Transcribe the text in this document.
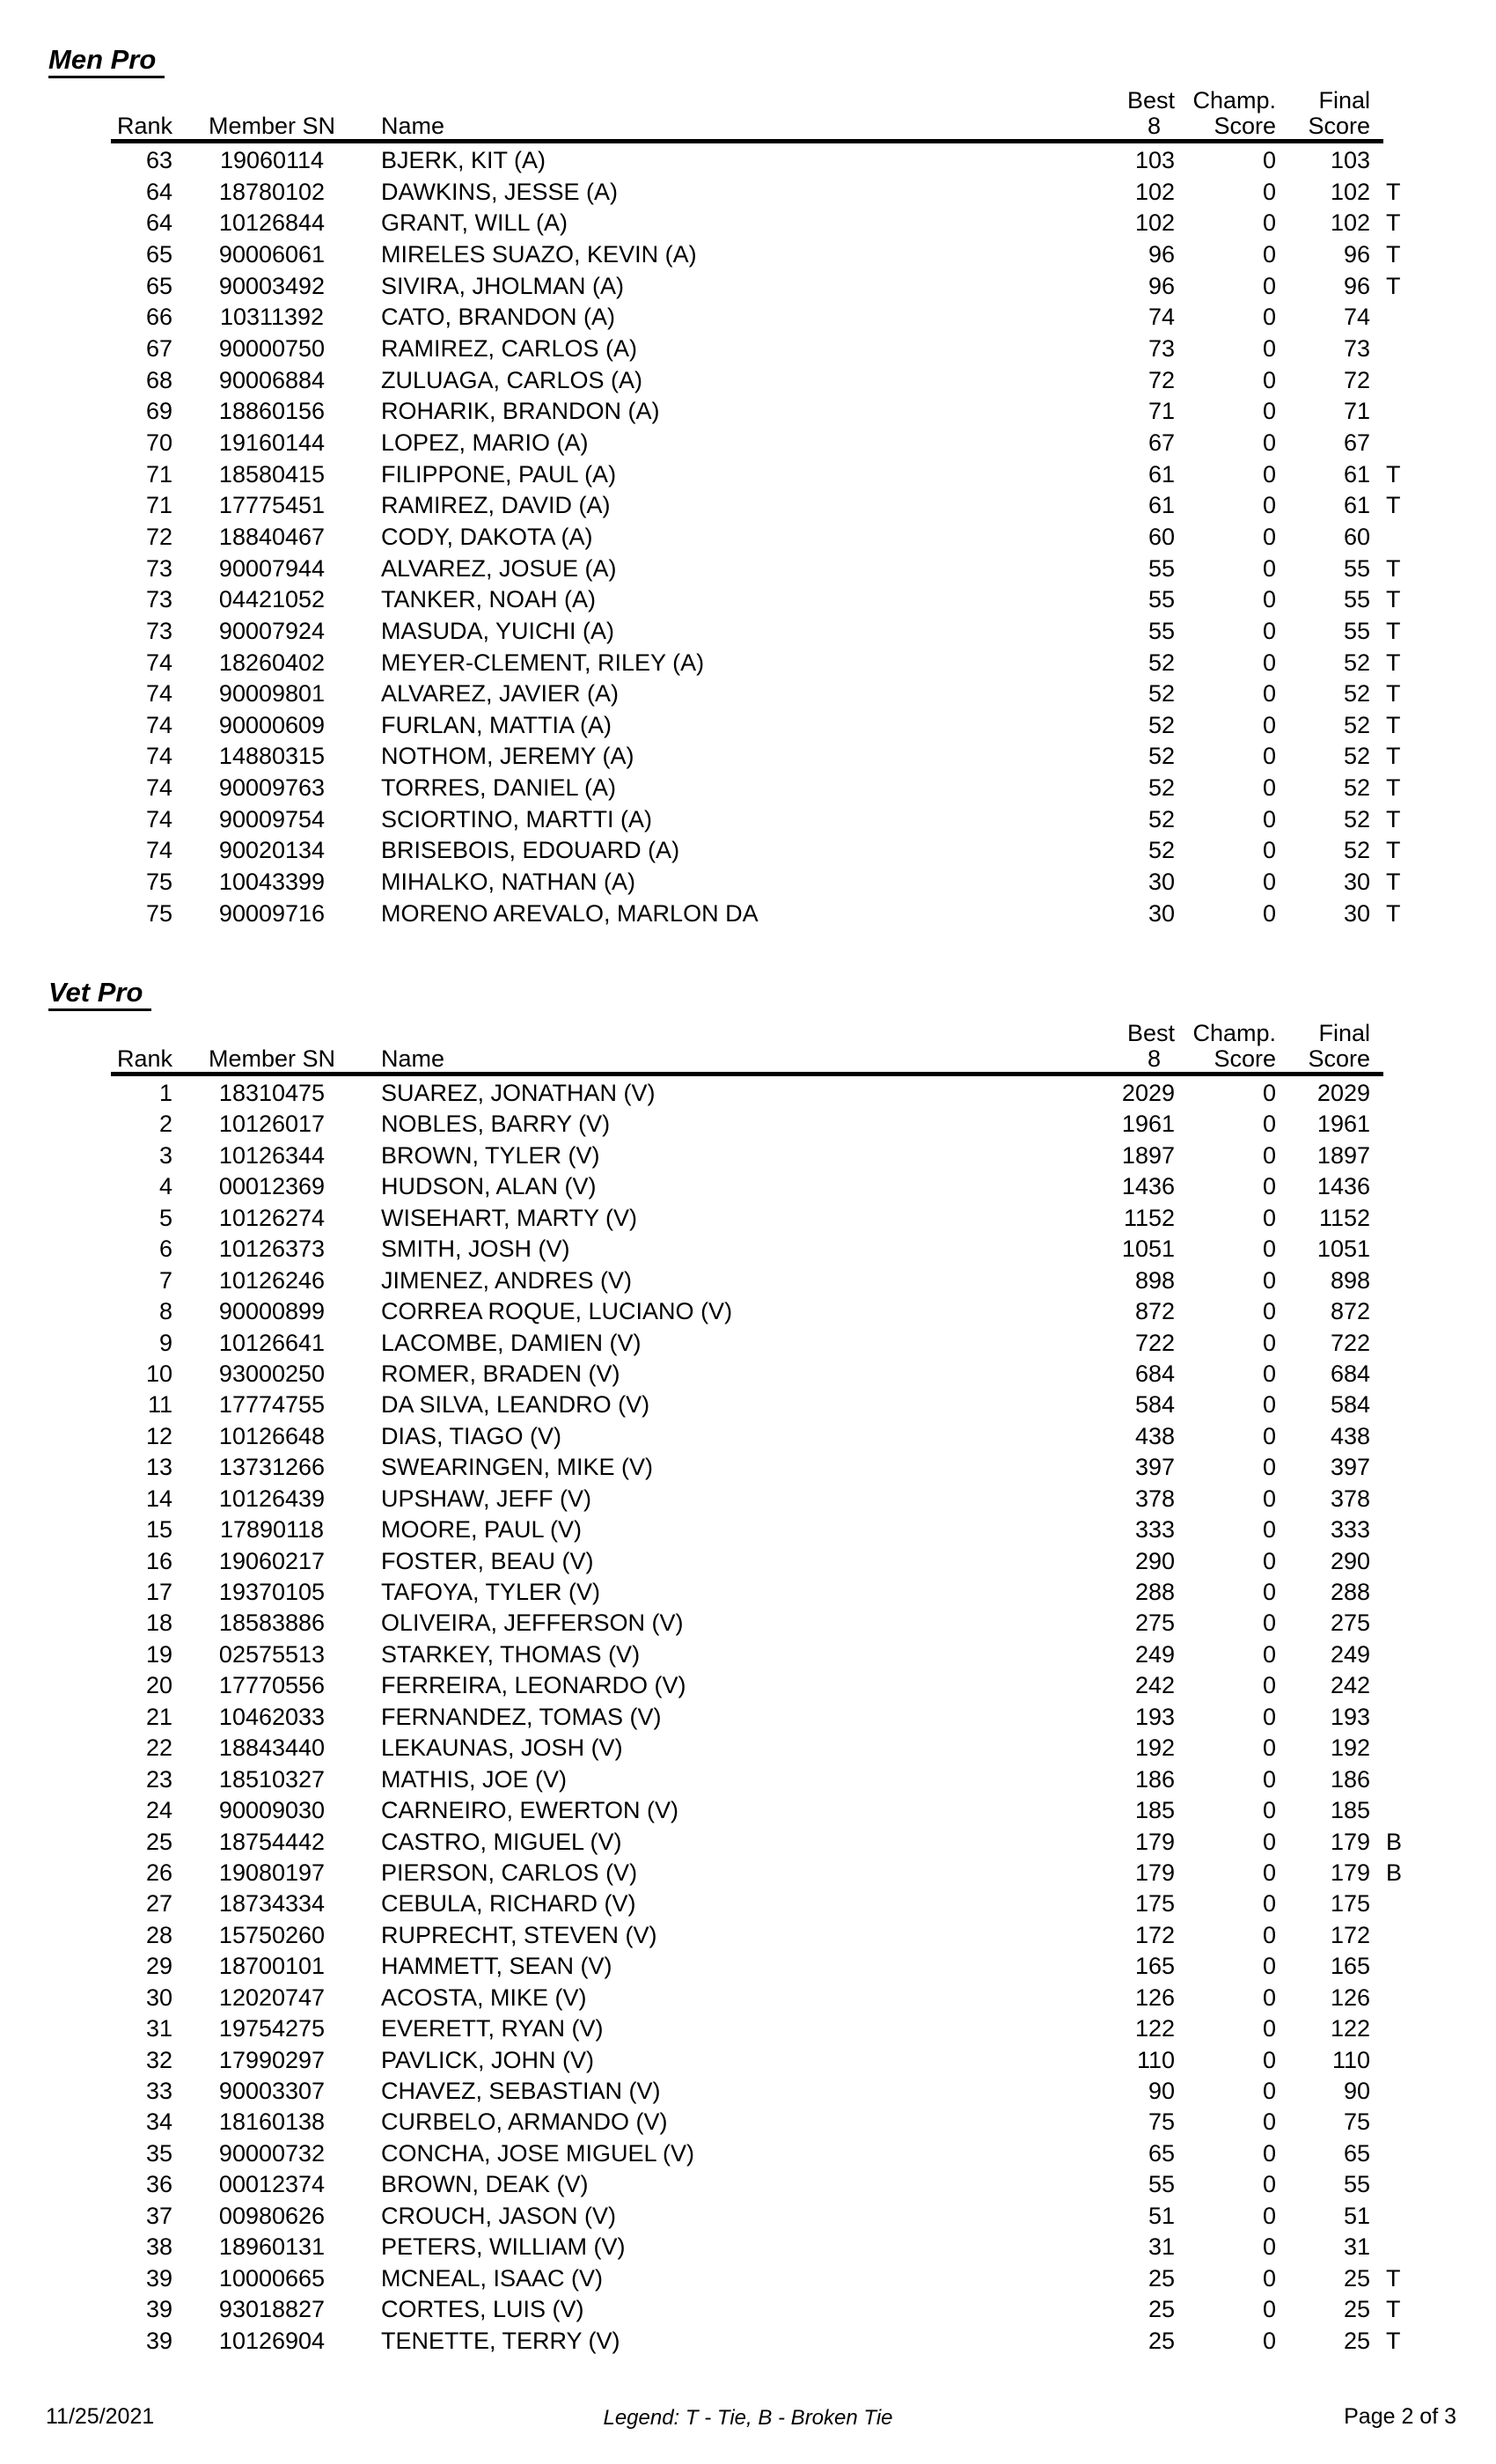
Men Pro
Best Champ.	Final
Rank Member SN Name	8	Score	Score
63	19060114	BJERK, KIT (A)	103	0	103
64	18780102	DAWKINS, JESSE (A)	102	0	102 T
64	10126844	GRANT, WILL (A)	102	0	102 T
65	90006061	MIRELES SUAZO, KEVIN (A)	96	0	96 T
65	90003492	SIVIRA, JHOLMAN (A)	96	0	96 T
66	10311392	CATO, BRANDON (A)	74	0	74
67	90000750	RAMIREZ, CARLOS (A)	73	0	73
68	90006884	ZULUAGA, CARLOS (A)	72	0	72
69	18860156	ROHARIK, BRANDON (A)	71	0	71
70	19160144	LOPEZ, MARIO (A)	67	0	67
71	18580415	FILIPPONE, PAUL (A)	61	0	61 T
71	17775451	RAMIREZ, DAVID (A)	61	0	61 T
72	18840467	CODY, DAKOTA (A)	60	0	60
73	90007944	ALVAREZ, JOSUE (A)	55	0	55 T
73	04421052	TANKER, NOAH (A)	55	0	55 T
73	90007924	MASUDA, YUICHI (A)	55	0	55 T
74	18260402	MEYER-CLEMENT, RILEY (A)	52	0	52 T
74	90009801	ALVAREZ, JAVIER (A)	52	0	52 T
74	90000609	FURLAN, MATTIA (A)	52	0	52 T
74	14880315	NOTHOM, JEREMY (A)	52	0	52 T
74	90009763	TORRES, DANIEL (A)	52	0	52 T
74	90009754	SCIORTINO, MARTTI (A)	52	0	52 T
74	90020134	BRISEBOIS, EDOUARD (A)	52	0	52 T
75	10043399	MIHALKO, NATHAN (A)	30	0	30 T
75	90009716	MORENO AREVALO, MARLON DA	30	0	30 T
Vet Pro
Best Champ.	Final
Rank Member SN Name	8	Score	Score
1	18310475	SUAREZ, JONATHAN (V)	2029	0	2029
2	10126017	NOBLES, BARRY (V)	1961	0	1961
3	10126344	BROWN, TYLER (V)	1897	0	1897
4	00012369	HUDSON, ALAN (V)	1436	0	1436
5	10126274	WISEHART, MARTY (V)	1152	0	1152
6	10126373	SMITH, JOSH (V)	1051	0	1051
7	10126246	JIMENEZ, ANDRES (V)	898	0	898
8	90000899	CORREA ROQUE, LUCIANO (V)	872	0	872
9	10126641	LACOMBE, DAMIEN (V)	722	0	722
10	93000250	ROMER, BRADEN (V)	684	0	684
11	17774755	DA SILVA, LEANDRO (V)	584	0	584
12	10126648	DIAS, TIAGO (V)	438	0	438
13	13731266	SWEARINGEN, MIKE (V)	397	0	397
14	10126439	UPSHAW, JEFF (V)	378	0	378
15	17890118	MOORE, PAUL (V)	333	0	333
16	19060217	FOSTER, BEAU (V)	290	0	290
17	19370105	TAFOYA, TYLER (V)	288	0	288
18	18583886	OLIVEIRA, JEFFERSON (V)	275	0	275
19	02575513	STARKEY, THOMAS (V)	249	0	249
20	17770556	FERREIRA, LEONARDO (V)	242	0	242
21	10462033	FERNANDEZ, TOMAS (V)	193	0	193
22	18843440	LEKAUNAS, JOSH (V)	192	0	192
23	18510327	MATHIS, JOE (V)	186	0	186
24	90009030	CARNEIRO, EWERTON (V)	185	0	185
25	18754442	CASTRO, MIGUEL (V)	179	0	179 B
26	19080197	PIERSON, CARLOS (V)	179	0	179 B
27	18734334	CEBULA, RICHARD (V)	175	0	175
28	15750260	RUPRECHT, STEVEN (V)	172	0	172
29	18700101	HAMMETT, SEAN (V)	165	0	165
30	12020747	ACOSTA, MIKE (V)	126	0	126
31	19754275	EVERETT, RYAN (V)	122	0	122
32	17990297	PAVLICK, JOHN (V)	110	0	110
33	90003307	CHAVEZ, SEBASTIAN (V)	90	0	90
34	18160138	CURBELO, ARMANDO (V)	75	0	75
35	90000732	CONCHA, JOSE MIGUEL (V)	65	0	65
36	00012374	BROWN, DEAK (V)	55	0	55
37	00980626	CROUCH, JASON (V)	51	0	51
38	18960131	PETERS, WILLIAM (V)	31	0	31
39	10000665	MCNEAL, ISAAC (V)	25	0	25 T
39	93018827	CORTES, LUIS (V)	25	0	25 T
39	10126904	TENETTE, TERRY (V)	25	0	25 T
11/25/2021	Legend: T - Tie, B - Broken Tie	Page 2 of 3
